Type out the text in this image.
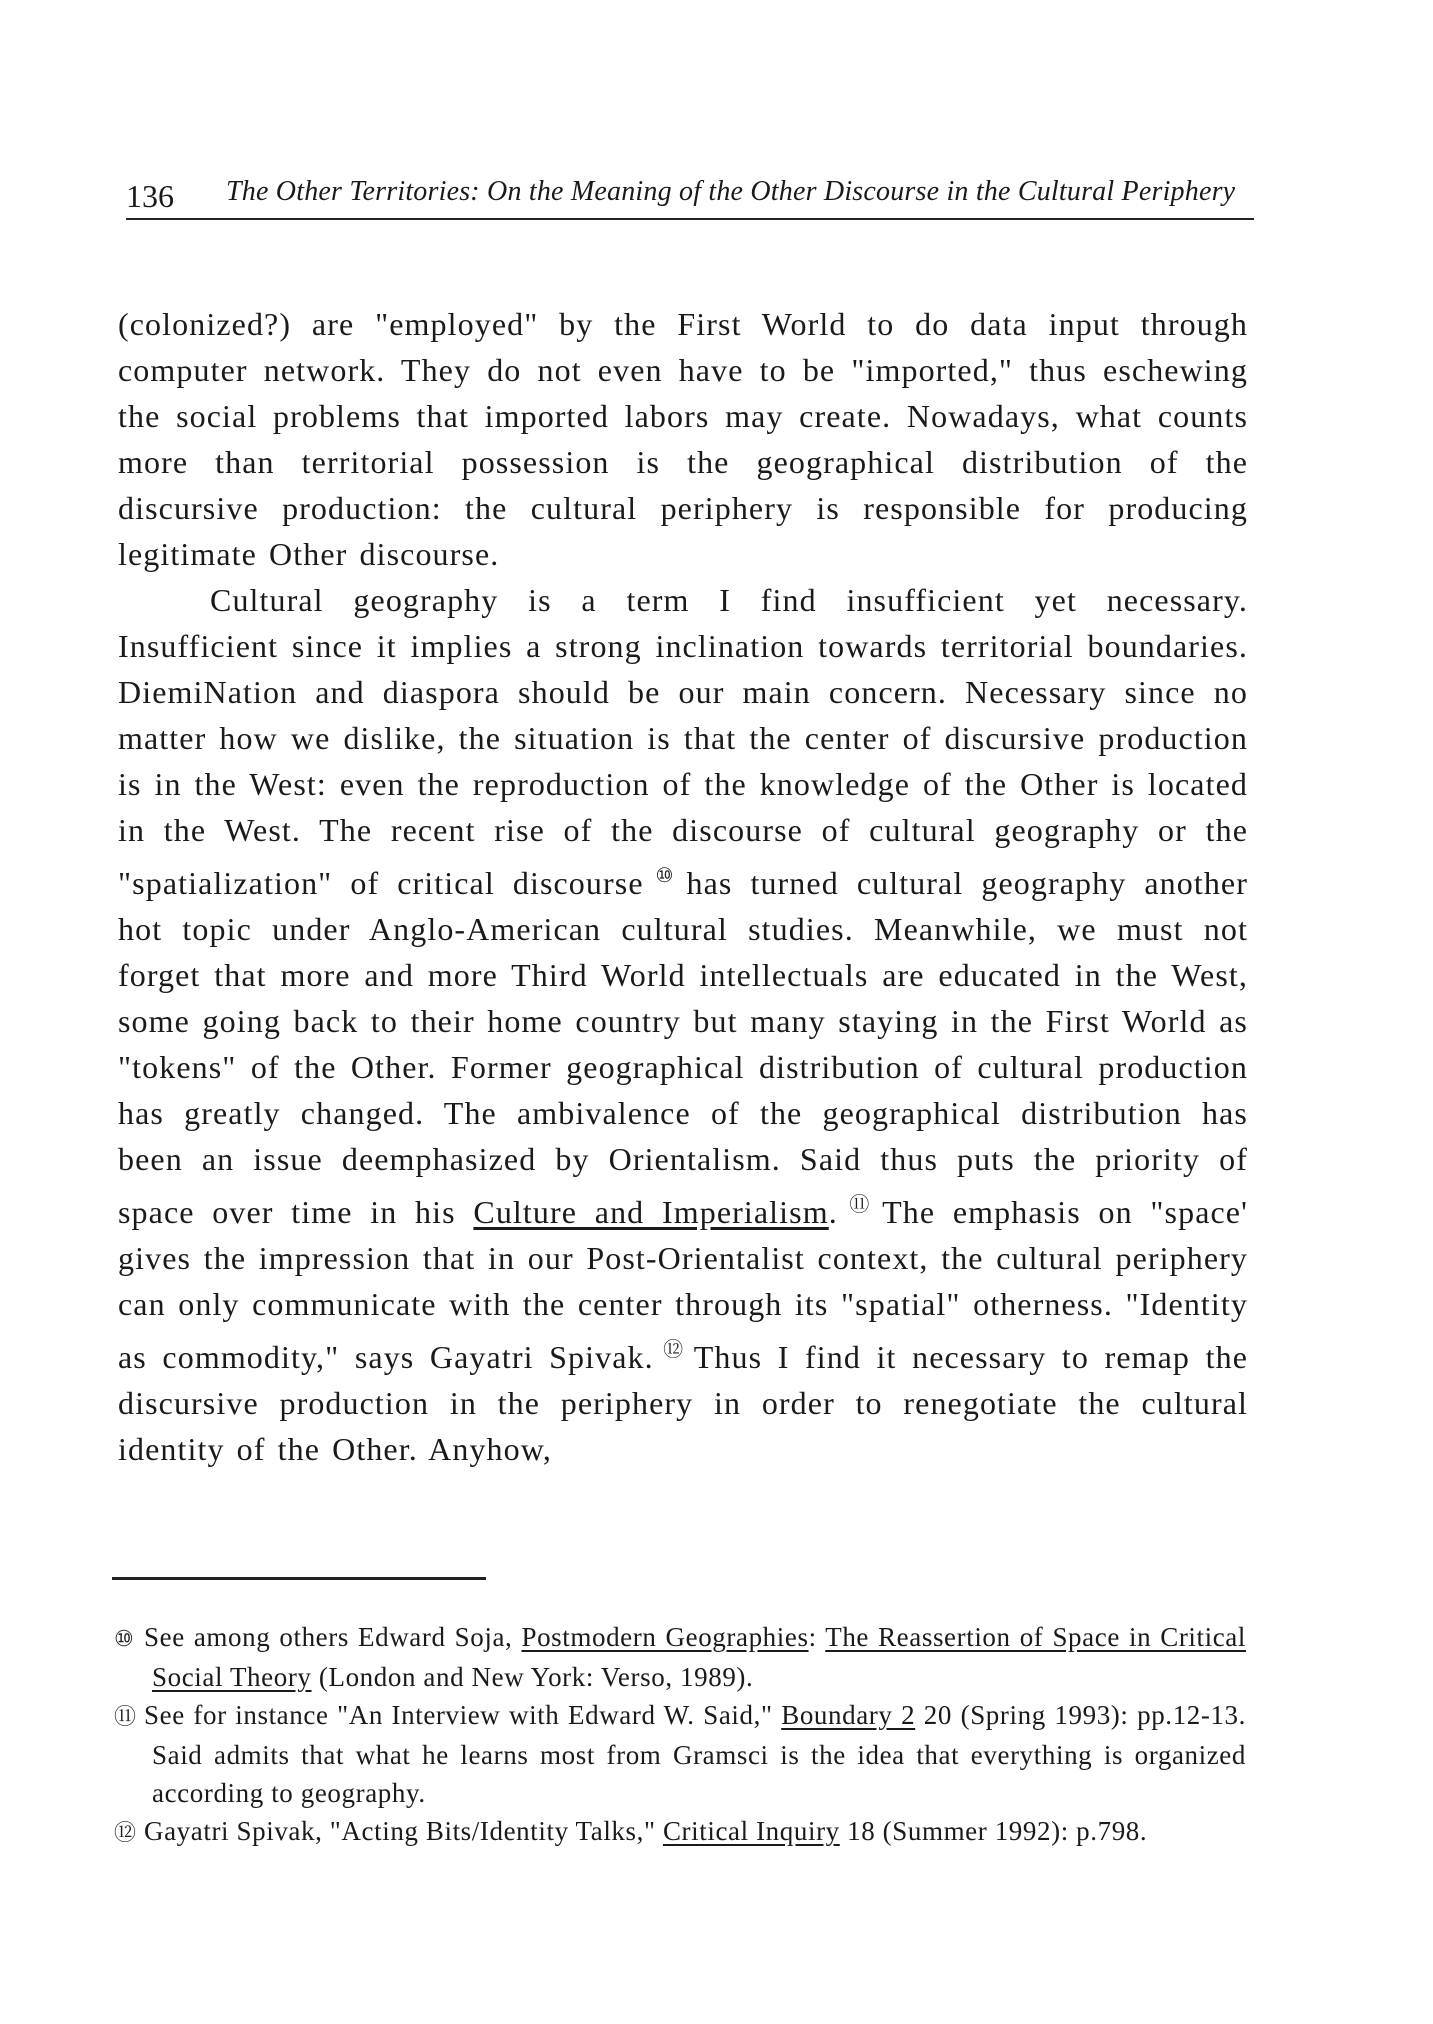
136 The Other Territories: On the Meaning of the Other Discourse in the Cultural Periphery

(colonized?) are "employed" by the First World to do data input through computer network. They do not even have to be "imported," thus eschewing the social problems that imported labors may create. Nowadays, what counts more than territorial possession is the geographical distribution of the discursive production: the cultural periphery is responsible for producing legitimate Other discourse.

Cultural geography is a term I find insufficient yet necessary. Insufficient since it implies a strong inclination towards territorial boundaries. DiemiNation and diaspora should be our main concern. Necessary since no matter how we dislike, the situation is that the center of discursive production is in the West: even the reproduction of the knowledge of the Other is located in the West. The recent rise of the discourse of cultural geography or the "spatialization" of critical discourse ⑩ has turned cultural geography another hot topic under Anglo-American cultural studies. Meanwhile, we must not forget that more and more Third World intellectuals are educated in the West, some going back to their home country but many staying in the First World as "tokens" of the Other. Former geographical distribution of cultural production has greatly changed. The ambivalence of the geographical distribution has been an issue deemphasized by Orientalism. Said thus puts the priority of space over time in his Culture and Imperialism. ⑪ The emphasis on "space' gives the impression that in our Post-Orientalist context, the cultural periphery can only communicate with the center through its "spatial" otherness. "Identity as commodity," says Gayatri Spivak. ⑫ Thus I find it necessary to remap the discursive production in the periphery in order to renegotiate the cultural identity of the Other. Anyhow,

⑩ See among others Edward Soja, Postmodern Geographies: The Reassertion of Space in Critical Social Theory (London and New York: Verso, 1989).

⑪ See for instance "An Interview with Edward W. Said," Boundary 2 20 (Spring 1993): pp.12-13. Said admits that what he learns most from Gramsci is the idea that everything is organized according to geography.

⑫ Gayatri Spivak, "Acting Bits/Identity Talks," Critical Inquiry 18 (Summer 1992): p.798.
